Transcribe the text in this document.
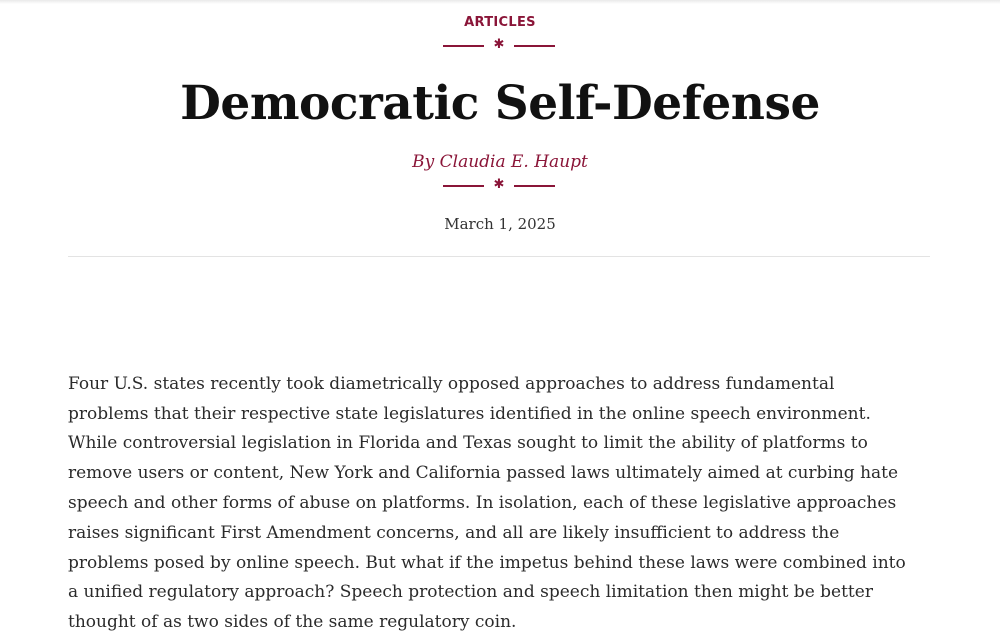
ARTICLES
✱
Democratic Self-Defense
By Claudia E. Haupt
✱
March 1, 2025

Four U.S. states recently took diametrically opposed approaches to address fundamental
problems that their respective state legislatures identified in the online speech environment.
While controversial legislation in Florida and Texas sought to limit the ability of platforms to
remove users or content, New York and California passed laws ultimately aimed at curbing hate
speech and other forms of abuse on platforms. In isolation, each of these legislative approaches
raises significant First Amendment concerns, and all are likely insufficient to address the
problems posed by online speech. But what if the impetus behind these laws were combined into
a unified regulatory approach? Speech protection and speech limitation then might be better
thought of as two sides of the same regulatory coin.
